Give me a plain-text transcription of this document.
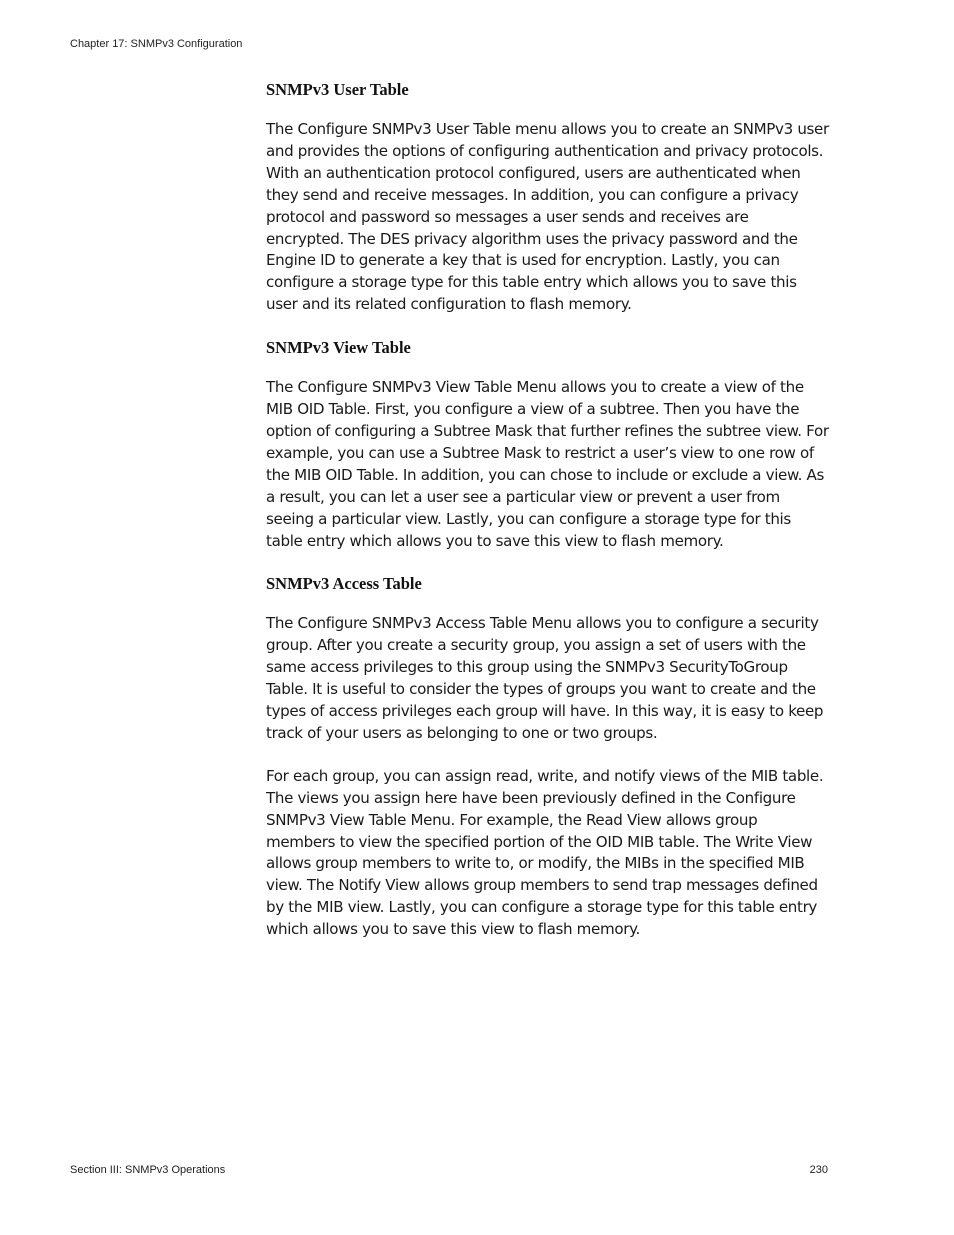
Chapter 17: SNMPv3 Configuration
SNMPv3 User Table

The Configure SNMPv3 User Table menu allows you to create an SNMPv3 user and provides the options of configuring authentication and privacy protocols. With an authentication protocol configured, users are authenticated when they send and receive messages. In addition, you can configure a privacy protocol and password so messages a user sends and receives are encrypted. The DES privacy algorithm uses the privacy password and the Engine ID to generate a key that is used for encryption. Lastly, you can configure a storage type for this table entry which allows you to save this user and its related configuration to flash memory.

SNMPv3 View Table

The Configure SNMPv3 View Table Menu allows you to create a view of the MIB OID Table. First, you configure a view of a subtree. Then you have the option of configuring a Subtree Mask that further refines the subtree view. For example, you can use a Subtree Mask to restrict a user’s view to one row of the MIB OID Table. In addition, you can chose to include or exclude a view. As a result, you can let a user see a particular view or prevent a user from seeing a particular view. Lastly, you can configure a storage type for this table entry which allows you to save this view to flash memory.

SNMPv3 Access Table

The Configure SNMPv3 Access Table Menu allows you to configure a security group. After you create a security group, you assign a set of users with the same access privileges to this group using the SNMPv3 SecurityToGroup Table. It is useful to consider the types of groups you want to create and the types of access privileges each group will have. In this way, it is easy to keep track of your users as belonging to one or two groups.

For each group, you can assign read, write, and notify views of the MIB table. The views you assign here have been previously defined in the Configure SNMPv3 View Table Menu. For example, the Read View allows group members to view the specified portion of the OID MIB table. The Write View allows group members to write to, or modify, the MIBs in the specified MIB view. The Notify View allows group members to send trap messages defined by the MIB view. Lastly, you can configure a storage type for this table entry which allows you to save this view to flash memory.

Section III: SNMPv3 Operations	230
